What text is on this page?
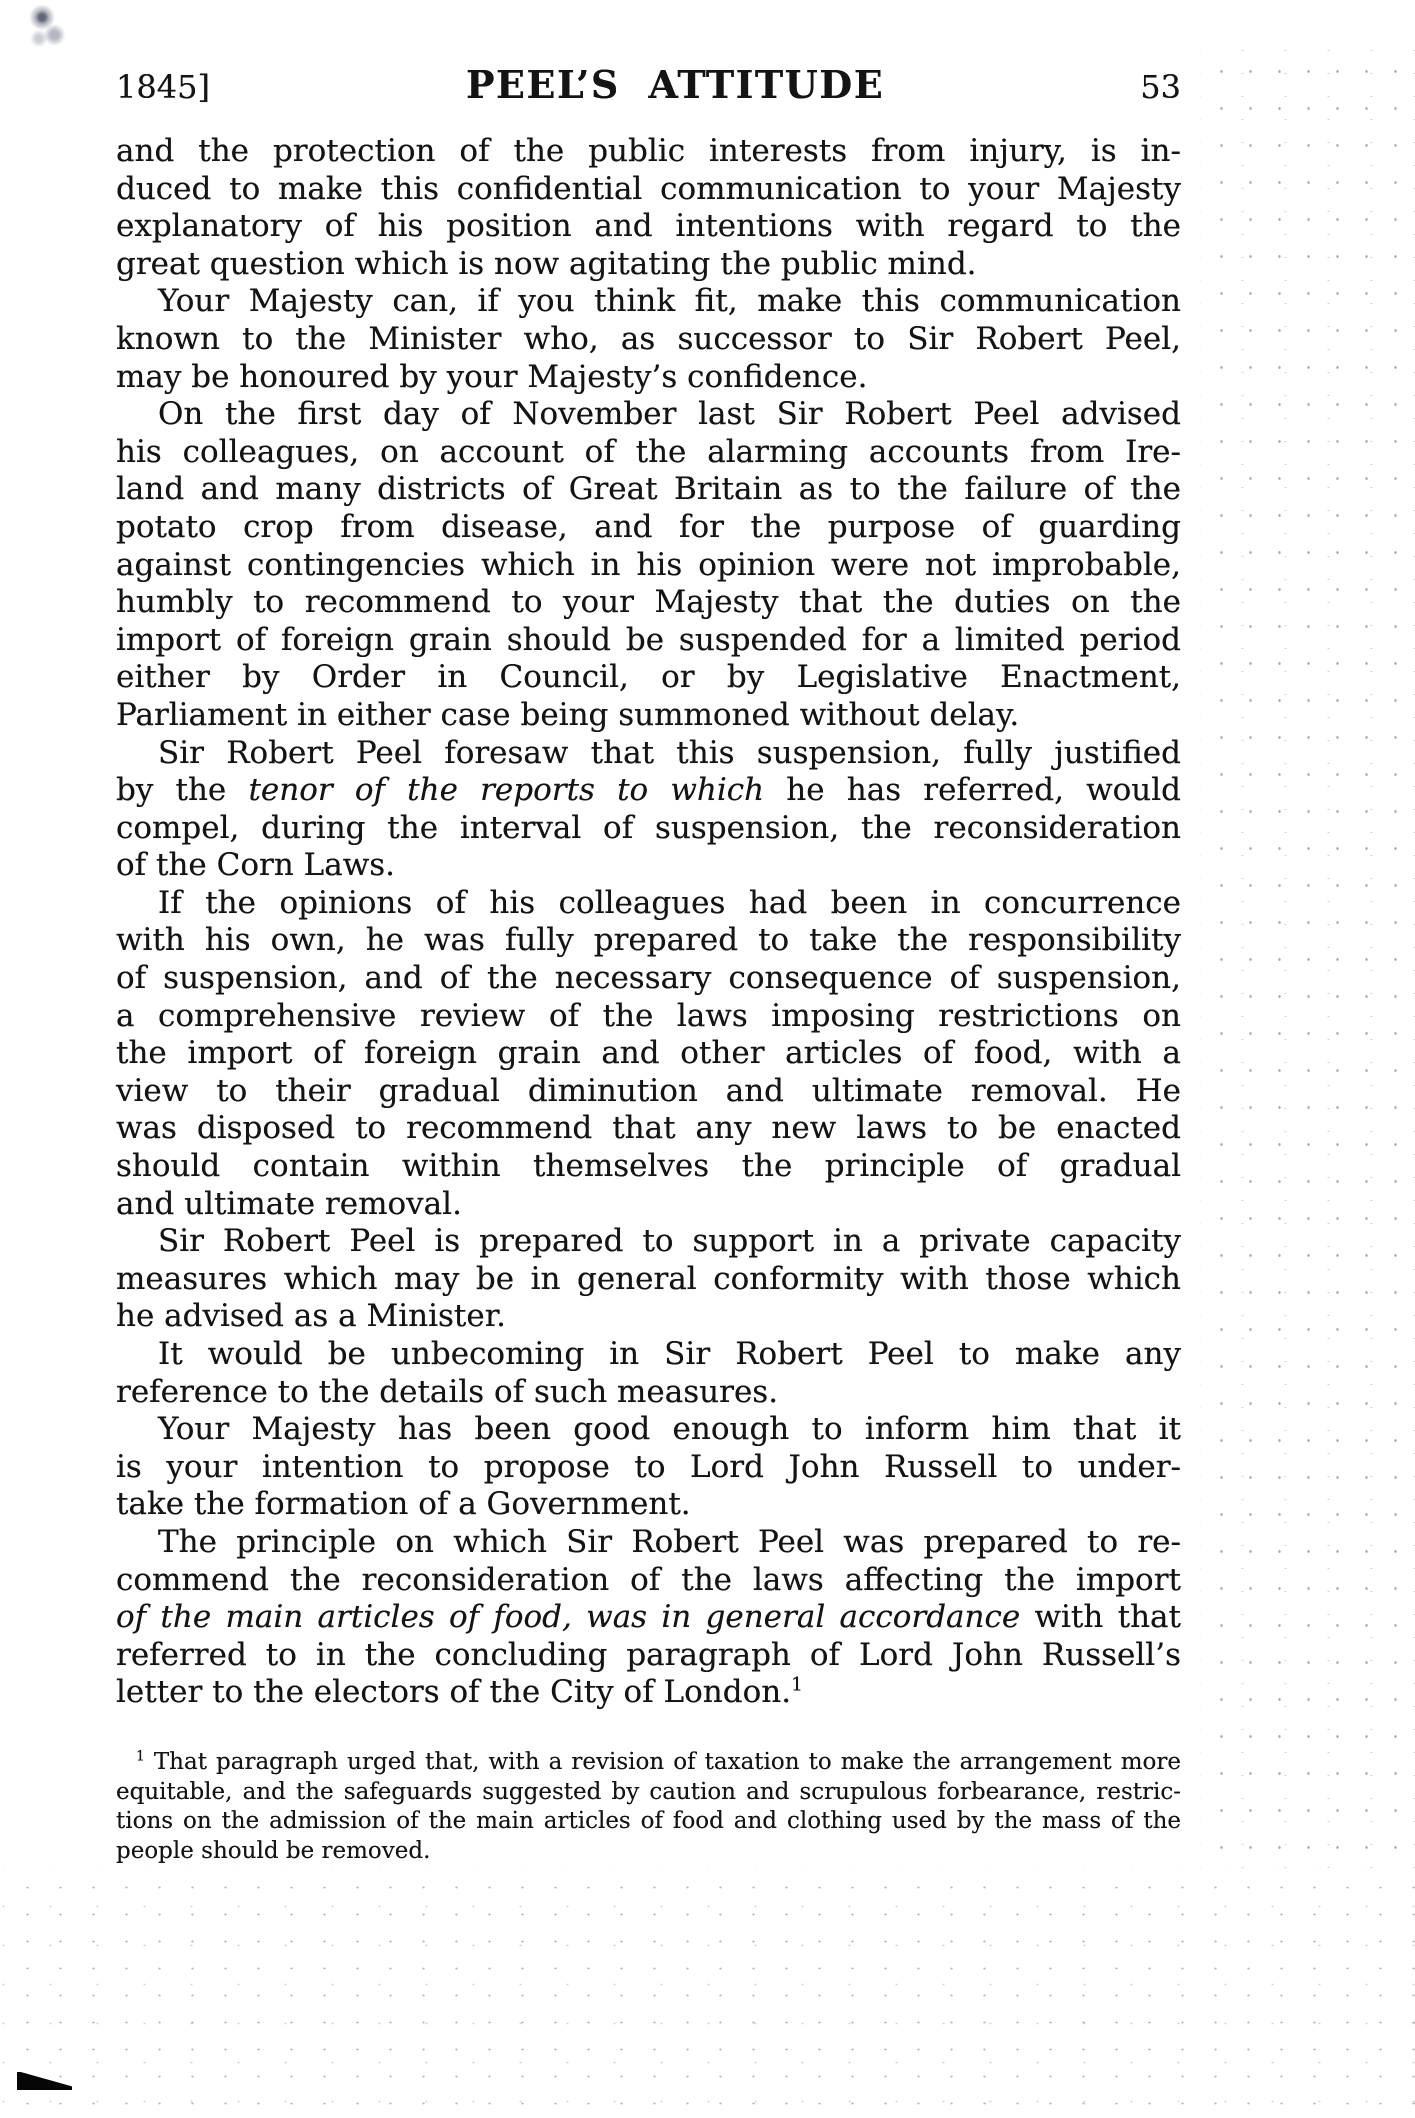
1845]	PEEL’S ATTITUDE	53
and the protection of the public interests from injury, is in-
duced to make this confidential communication to your Majesty
explanatory of his position and intentions with regard to the
great question which is now agitating the public mind.
Your Majesty can, if you think fit, make this communication
known to the Minister who, as successor to Sir Robert Peel,
may be honoured by your Majesty’s confidence.
On the first day of November last Sir Robert Peel advised
his colleagues, on account of the alarming accounts from Ire-
land and many districts of Great Britain as to the failure of the
potato crop from disease, and for the purpose of guarding
against contingencies which in his opinion were not improbable,
humbly to recommend to your Majesty that the duties on the
import of foreign grain should be suspended for a limited period
either by Order in Council, or by Legislative Enactment,
Parliament in either case being summoned without delay.
Sir Robert Peel foresaw that this suspension, fully justified
by the tenor of the reports to which he has referred, would
compel, during the interval of suspension, the reconsideration
of the Corn Laws.
If the opinions of his colleagues had been in concurrence
with his own, he was fully prepared to take the responsibility
of suspension, and of the necessary consequence of suspension,
a comprehensive review of the laws imposing restrictions on
the import of foreign grain and other articles of food, with a
view to their gradual diminution and ultimate removal. He
was disposed to recommend that any new laws to be enacted
should contain within themselves the principle of gradual
and ultimate removal.
Sir Robert Peel is prepared to support in a private capacity
measures which may be in general conformity with those which
he advised as a Minister.
It would be unbecoming in Sir Robert Peel to make any
reference to the details of such measures.
Your Majesty has been good enough to inform him that it
is your intention to propose to Lord John Russell to under-
take the formation of a Government.
The principle on which Sir Robert Peel was prepared to re-
commend the reconsideration of the laws affecting the import
of the main articles of food, was in general accordance with that
referred to in the concluding paragraph of Lord John Russell’s
letter to the electors of the City of London.$^1$
$^1$ That paragraph urged that, with a revision of taxation to make the arrangement more
equitable, and the safeguards suggested by caution and scrupulous forbearance, restric-
tions on the admission of the main articles of food and clothing used by the mass of the
people should be removed.
